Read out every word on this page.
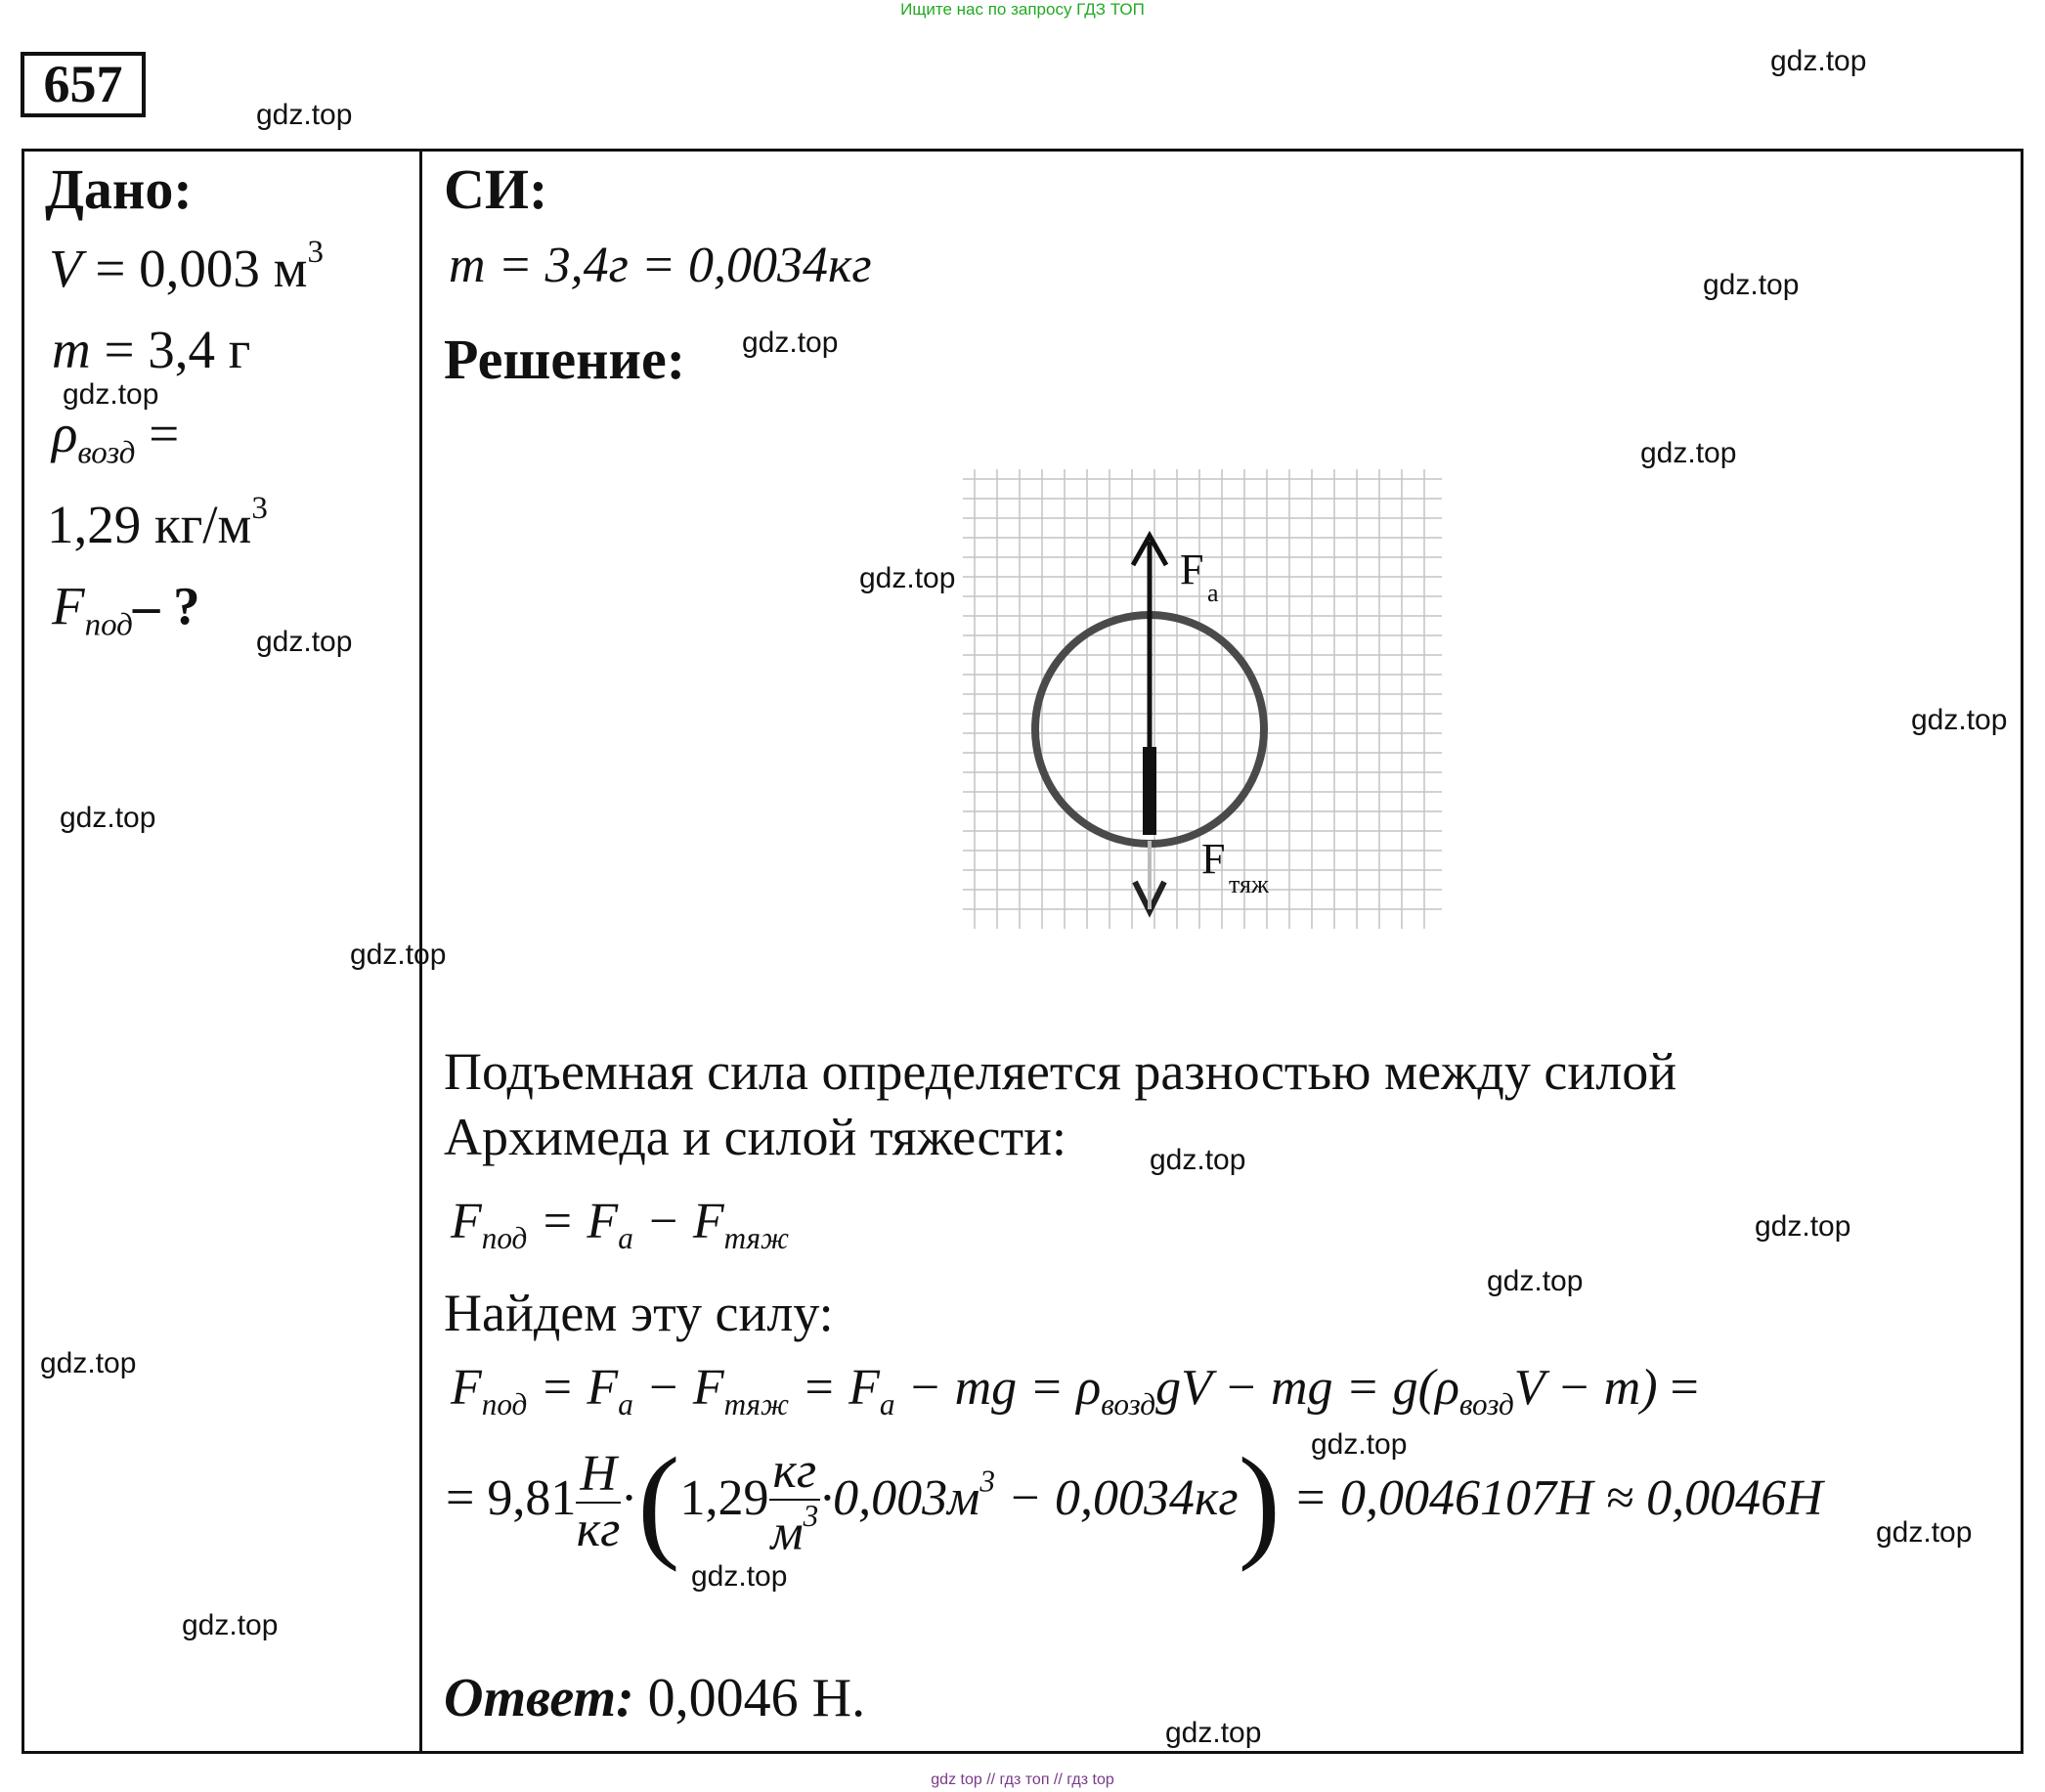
Ищите нас по запросу ГДЗ ТОП
657	gdz.top
gdz.top
gdz.top
gdz.top
gdz.top
gdz.top
gdz.top
gdz.top
gdz.top
gdz.top
gdz.top
gdz.top
gdz.top
gdz.top
gdz.top
gdz.top
gdz.top
gdz.top
gdz.top
gdz.top
Дано:
V = 0,003 $м^3$
m = 3,4 г
$\rho_{возд}$ =
1,29 $кг/м^3$
$F_{под}-$ ?
СИ:
m = 3,4г = 0,0034кг
Решение:
F a
F
тяж
Подъемная сила определяется разностью между силой
Архимеда и силой тяжести:
$F_{под} = F_a - F_{тяж}$
Найдем эту силу:
$F_{под} = F_a - F_{тяж} = F_a$ − mg = $\rho_{возд}gV$ − mg = $g(\rho_{возд}V - m)$ =
= $9,81 \frac{Н}{кг} \cdot(1,29 \frac{кг}{м^3} \cdot 0,003м^3 - 0,0034кг) = 0,0046107Н \approx 0,0046Н$
Ответ: 0,0046 Н.
gdz top // гдз топ // гдз top
